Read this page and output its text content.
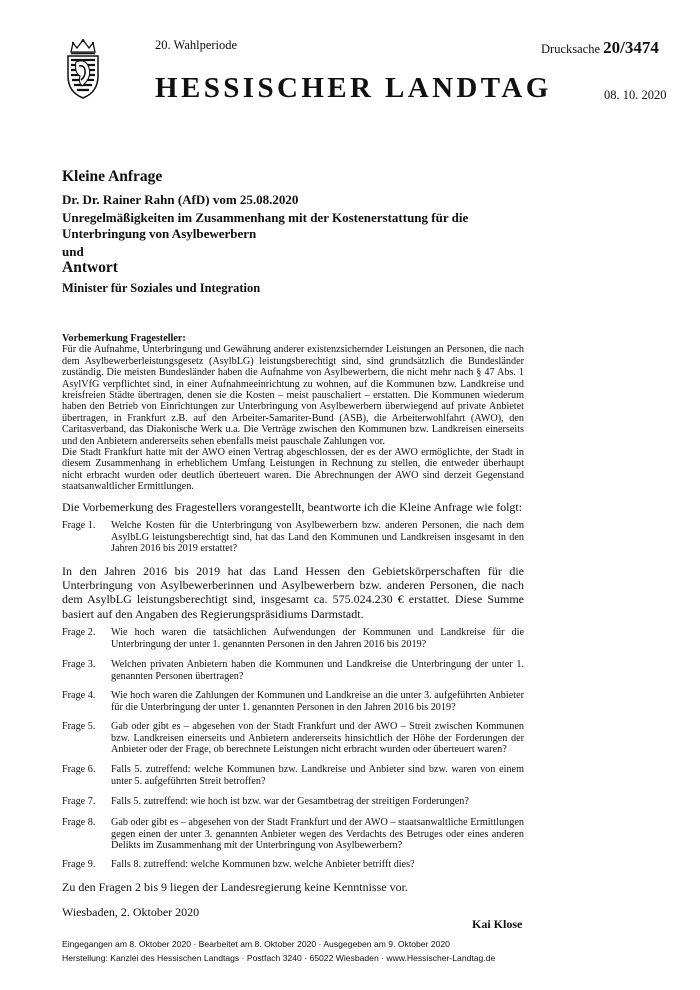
20. Wahlperiode	Drucksache 20/3474
HESSISCHER LANDTAG	08. 10. 2020
Kleine Anfrage
Dr. Dr. Rainer Rahn (AfD) vom 25.08.2020
Unregelmäßigkeiten im Zusammenhang mit der Kostenerstattung für die Unterbringung von Asylbewerbern
und
Antwort
Minister für Soziales und Integration
Vorbemerkung Fragesteller:
Für die Aufnahme, Unterbringung und Gewährung anderer existenzsichernder Leistungen an Personen, die nach dem Asylbewerberleistungsgesetz (AsylbLG) leistungsberechtigt sind, sind grundsätzlich die Bundesländer zuständig. Die meisten Bundesländer haben die Aufnahme von Asylbewerbern, die nicht mehr nach § 47 Abs. 1 AsylVfG verpflichtet sind, in einer Aufnahmeeinrichtung zu wohnen, auf die Kommunen bzw. Landkreise und kreisfreien Städte übertragen, denen sie die Kosten – meist pauschaliert – erstatten. Die Kommunen wiederum haben den Betrieb von Einrichtungen zur Unterbringung von Asylbewerbern überwiegend auf private Anbietet übertragen, in Frankfurt z.B. auf den Arbeiter-Samariter-Bund (ASB), die Arbeiterwohlfahrt (AWO), den Caritasverband, das Diakonische Werk u.a. Die Verträge zwischen den Kommunen bzw. Landkreisen einerseits und den Anbietern andererseits sehen ebenfalls meist pauschale Zahlungen vor.
Die Stadt Frankfurt hatte mit der AWO einen Vertrag abgeschlossen, der es der AWO ermöglichte, der Stadt in diesem Zusammenhang in erheblichem Umfang Leistungen in Rechnung zu stellen, die entweder überhaupt nicht erbracht wurden oder deutlich überteuert waren. Die Abrechnungen der AWO sind derzeit Gegenstand staatsanwaltlicher Ermittlungen.
Die Vorbemerkung des Fragestellers vorangestellt, beantworte ich die Kleine Anfrage wie folgt:
Frage 1. Welche Kosten für die Unterbringung von Asylbewerbern bzw. anderen Personen, die nach dem AsylbLG leistungsberechtigt sind, hat das Land den Kommunen und Landkreisen insgesamt in den Jahren 2016 bis 2019 erstattet?
In den Jahren 2016 bis 2019 hat das Land Hessen den Gebietskörperschaften für die Unterbringung von Asylbewerberinnen und Asylbewerbern bzw. anderen Personen, die nach dem AsylbLG leistungsberechtigt sind, insgesamt ca. 575.024.230 € erstattet. Diese Summe basiert auf den Angaben des Regierungspräsidiums Darmstadt.
Frage 2. Wie hoch waren die tatsächlichen Aufwendungen der Kommunen und Landkreise für die Unterbringung der unter 1. genannten Personen in den Jahren 2016 bis 2019?
Frage 3. Welchen privaten Anbietern haben die Kommunen und Landkreise die Unterbringung der unter 1. genannten Personen übertragen?
Frage 4. Wie hoch waren die Zahlungen der Kommunen und Landkreise an die unter 3. aufgeführten Anbieter für die Unterbringung der unter 1. genannten Personen in den Jahren 2016 bis 2019?
Frage 5. Gab oder gibt es – abgesehen von der Stadt Frankfurt und der AWO – Streit zwischen Kommunen bzw. Landkreisen einerseits und Anbietern andererseits hinsichtlich der Höhe der Forderungen der Anbieter oder der Frage, ob berechnete Leistungen nicht erbracht wurden oder überteuert waren?
Frage 6. Falls 5. zutreffend: welche Kommunen bzw. Landkreise und Anbieter sind bzw. waren von einem unter 5. aufgeführten Streit betroffen?
Frage 7. Falls 5. zutreffend: wie hoch ist bzw. war der Gesamtbetrag der streitigen Forderungen?
Frage 8. Gab oder gibt es – abgesehen von der Stadt Frankfurt und der AWO – staatsanwaltliche Ermittlungen gegen einen der unter 3. genannten Anbieter wegen des Verdachts des Betruges oder eines anderen Delikts im Zusammenhang mit der Unterbringung von Asylbewerbern?
Frage 9. Falls 8. zutreffend: welche Kommunen bzw. welche Anbieter betrifft dies?
Zu den Fragen 2 bis 9 liegen der Landesregierung keine Kenntnisse vor.
Wiesbaden, 2. Oktober 2020
Kai Klose
Eingegangen am 8. Oktober 2020 · Bearbeitet am 8. Oktober 2020 · Ausgegeben am 9. Oktober 2020
Herstellung: Kanzlei des Hessischen Landtags · Postfach 3240 · 65022 Wiesbaden · www.Hessischer-Landtag.de
